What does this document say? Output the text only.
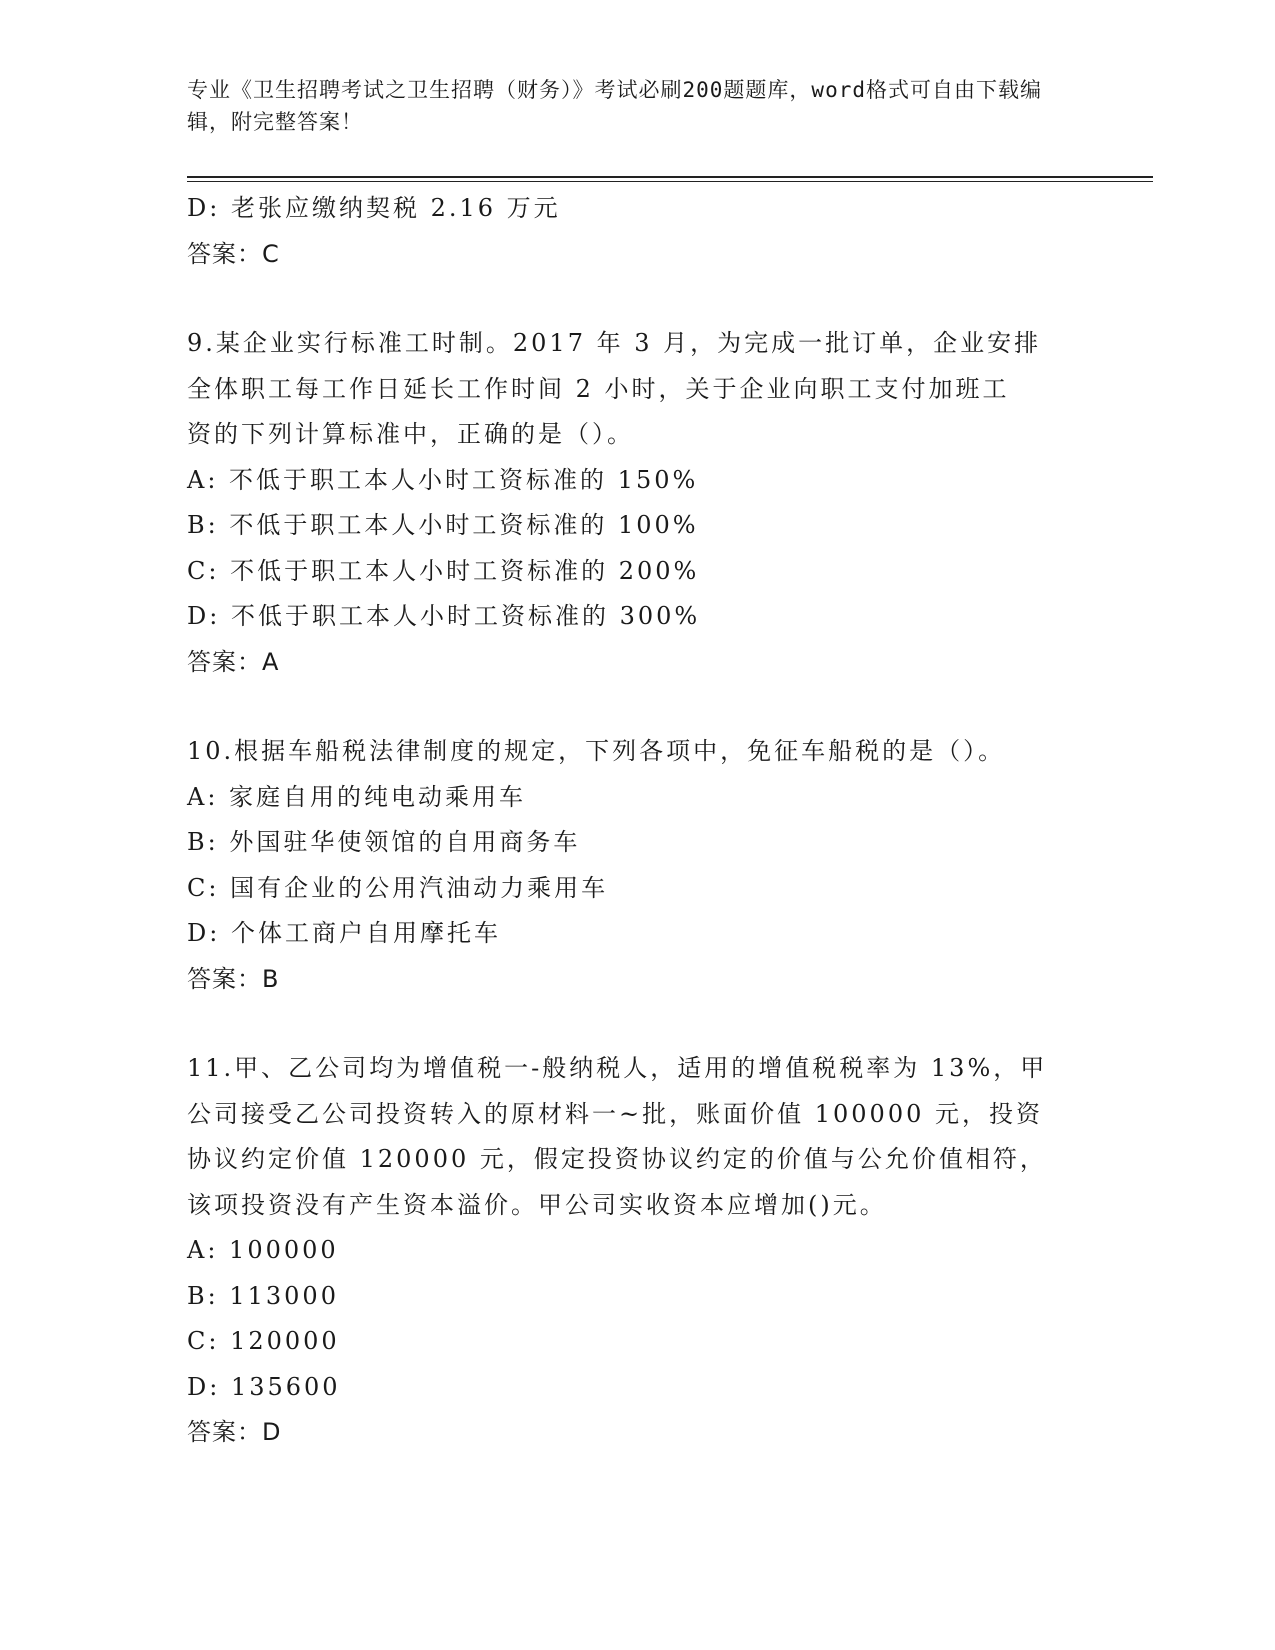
专业《卫生招聘考试之卫生招聘（财务）》考试必刷200题题库，word格式可自由下载编辑，附完整答案！

D: 老张应缴纳契税 2.16 万元

答案：C

9.某企业实行标准工时制。2017 年 3 月，为完成一批订单，企业安排

全体职工每工作日延长工作时间 2 小时，关于企业向职工支付加班工

资的下列计算标准中，正确的是（）。

A: 不低于职工本人小时工资标准的 150%

B: 不低于职工本人小时工资标准的 100%

C: 不低于职工本人小时工资标准的 200%

D: 不低于职工本人小时工资标准的 300%

答案：A

10.根据车船税法律制度的规定，下列各项中，免征车船税的是（）。

A: 家庭自用的纯电动乘用车

B: 外国驻华使领馆的自用商务车

C: 国有企业的公用汽油动力乘用车

D: 个体工商户自用摩托车

答案：B

11.甲、乙公司均为增值税一-般纳税人，适用的增值税税率为 13%，甲

公司接受乙公司投资转入的原材料一~批，账面价值 100000 元，投资

协议约定价值 120000 元，假定投资协议约定的价值与公允价值相符，

该项投资没有产生资本溢价。甲公司实收资本应增加()元。

A: 100000

B: 113000

C: 120000

D: 135600

答案：D
